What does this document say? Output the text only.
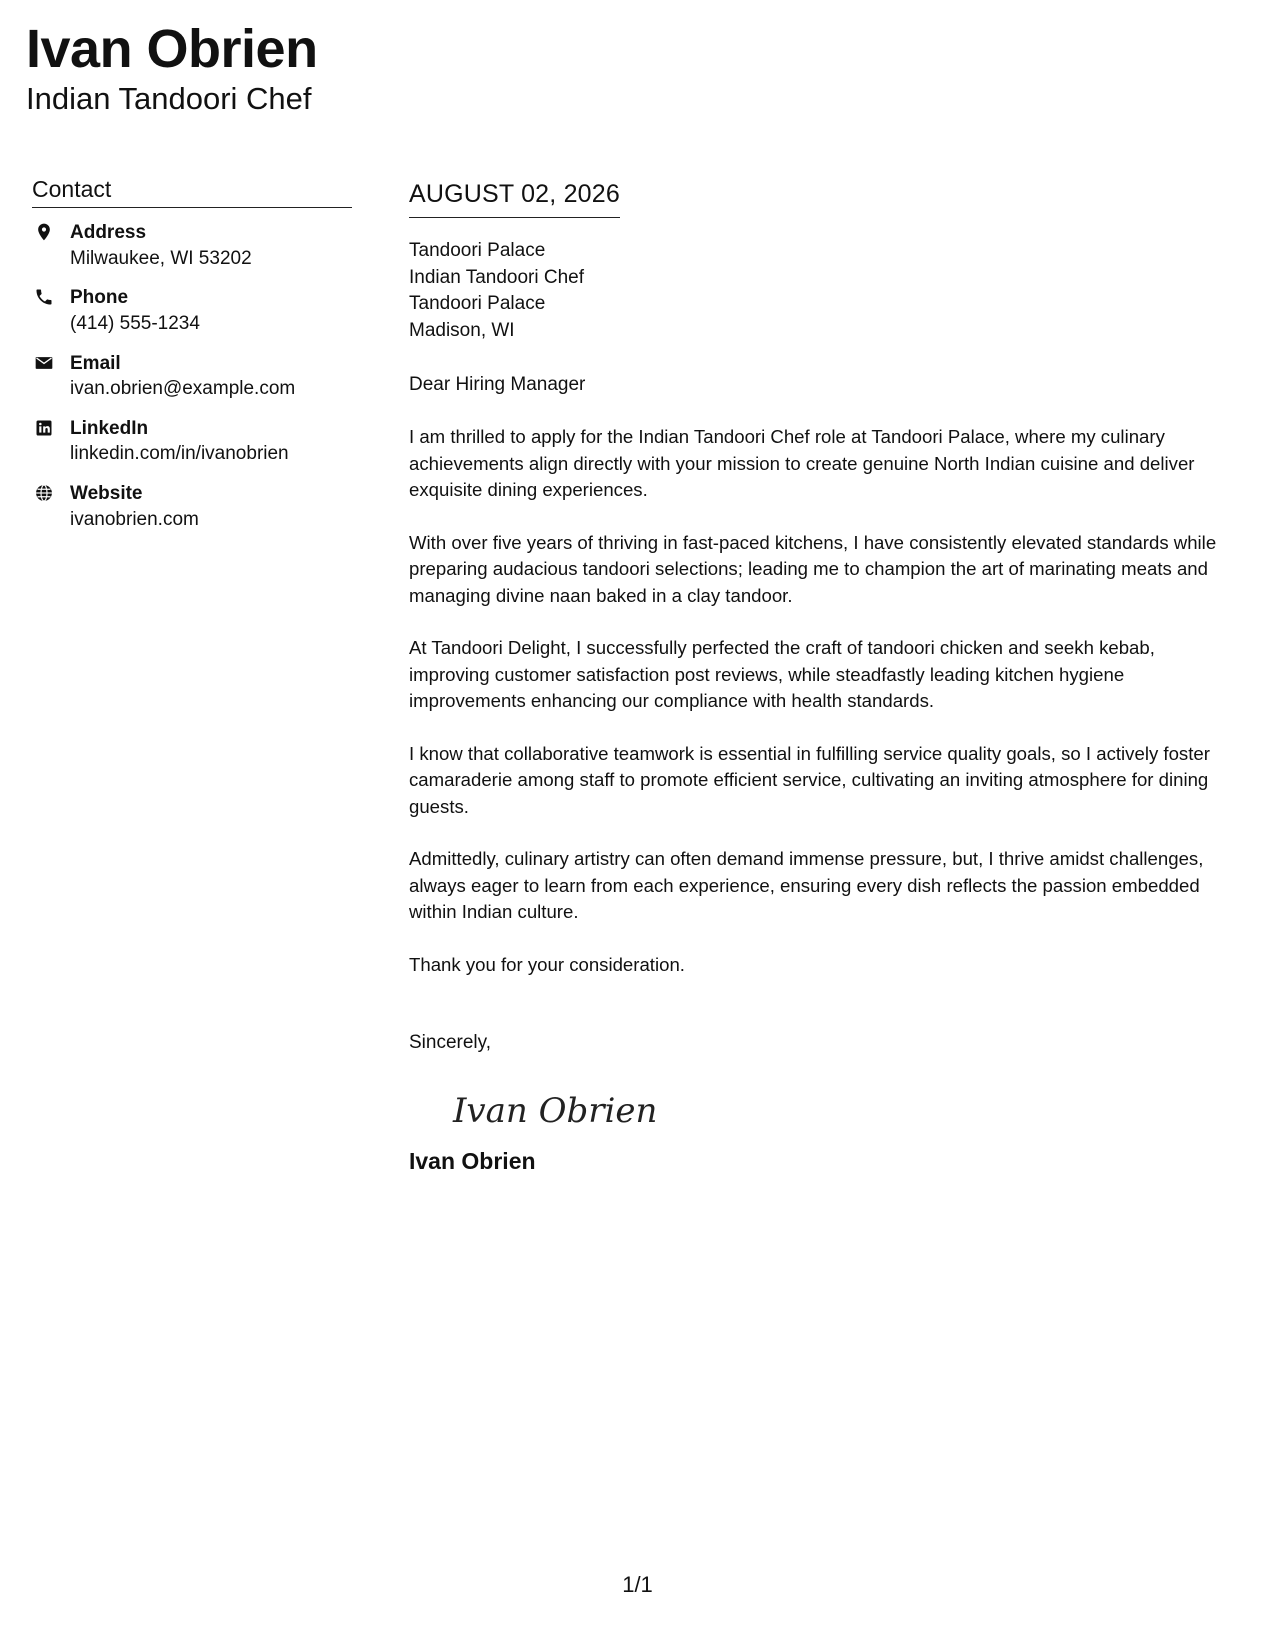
Ivan Obrien
Indian Tandoori Chef
Contact
Address
Milwaukee, WI 53202
Phone
(414) 555-1234
Email
ivan.obrien@example.com
LinkedIn
linkedin.com/in/ivanobrien
Website
ivanobrien.com
AUGUST 02, 2026
Tandoori Palace
Indian Tandoori Chef
Tandoori Palace
Madison, WI
Dear Hiring Manager

I am thrilled to apply for the Indian Tandoori Chef role at Tandoori Palace, where my culinary achievements align directly with your mission to create genuine North Indian cuisine and deliver exquisite dining experiences.

With over five years of thriving in fast-paced kitchens, I have consistently elevated standards while preparing audacious tandoori selections; leading me to champion the art of marinating meats and managing divine naan baked in a clay tandoor.

At Tandoori Delight, I successfully perfected the craft of tandoori chicken and seekh kebab, improving customer satisfaction post reviews, while steadfastly leading kitchen hygiene improvements enhancing our compliance with health standards.

I know that collaborative teamwork is essential in fulfilling service quality goals, so I actively foster camaraderie among staff to promote efficient service, cultivating an inviting atmosphere for dining guests.

Admittedly, culinary artistry can often demand immense pressure, but, I thrive amidst challenges, always eager to learn from each experience, ensuring every dish reflects the passion embedded within Indian culture.

Thank you for your consideration.

Sincerely,
Ivan Obrien
Ivan Obrien
1/1
